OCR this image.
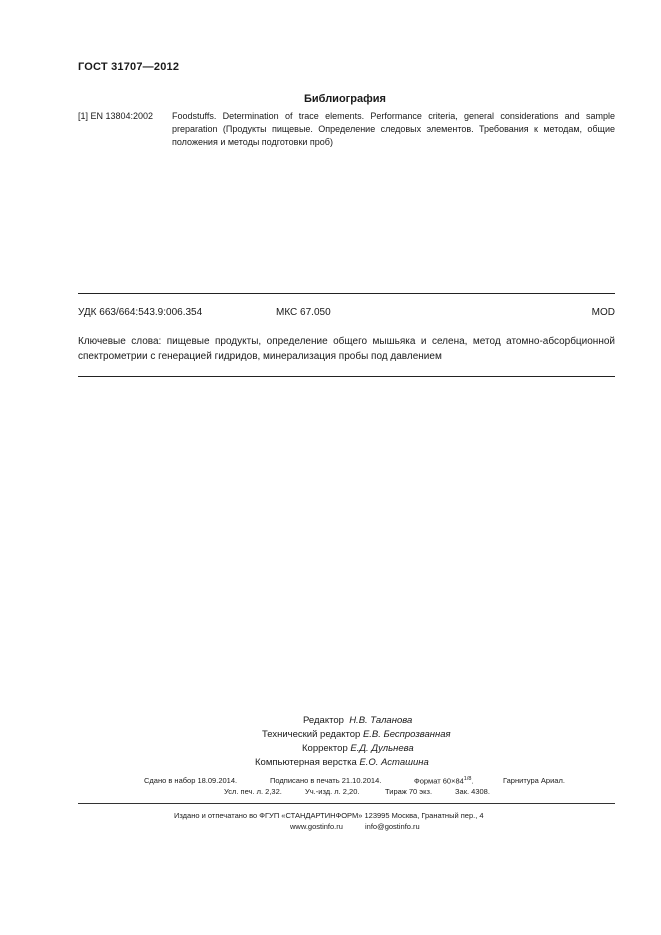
ГОСТ 31707—2012
Библиография
[1] EN 13804:2002 Foodstuffs. Determination of trace elements. Performance criteria, general considerations and sample preparation (Продукты пищевые. Определение следовых элементов. Требования к методам, общие положения и методы подготовки проб)
УДК 663/664:543.9:006.354	МКС 67.050	MOD
Ключевые слова: пищевые продукты, определение общего мышьяка и селена, метод атомно-абсорбционной спектрометрии с генерацией гидридов, минерализация пробы под давлением
Редактор Н.В. Таланова
Технический редактор Е.В. Беспрозванная
Корректор Е.Д. Дульнева
Компьютерная верстка Е.О. Асташина
Сдано в набор 18.09.2014.	Подписано в печать 21.10.2014.	Формат $60\times 84^{1/8}$.	Гарнитура Ариал.
Усл. печ. л. 2,32.	Уч.-изд. л. 2,20.	Тираж 70 экз.	Зак. 4308.
Издано и отпечатано во ФГУП «СТАНДАРТИНФОРМ» 123995 Москва, Гранатный пер., 4
www.gostinfo.ru	info@gostinfo.ru
